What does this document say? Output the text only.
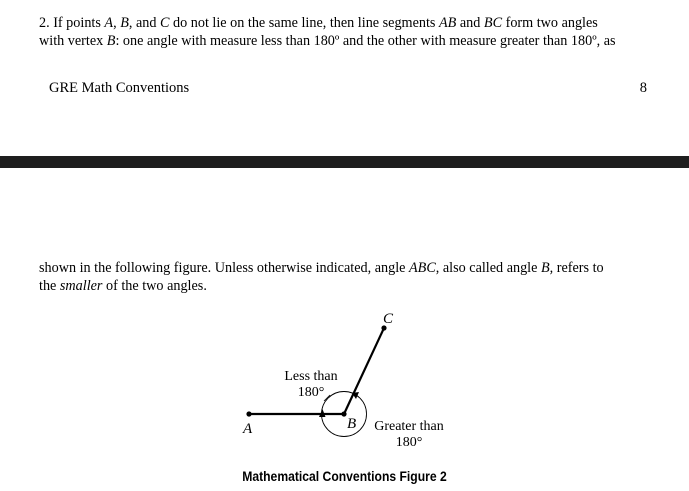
2. If points A, B, and C do not lie on the same line, then line segments AB and BC form two angles
with vertex B: one angle with measure less than 180º and the other with measure greater than 180º, as
GRE Math Conventions	8
shown in the following figure. Unless otherwise indicated, angle ABC, also called angle B, refers to
the smaller of the two angles.
C
A	B
Less than
180°
Greater than
180°
Mathematical Conventions Figure 2
